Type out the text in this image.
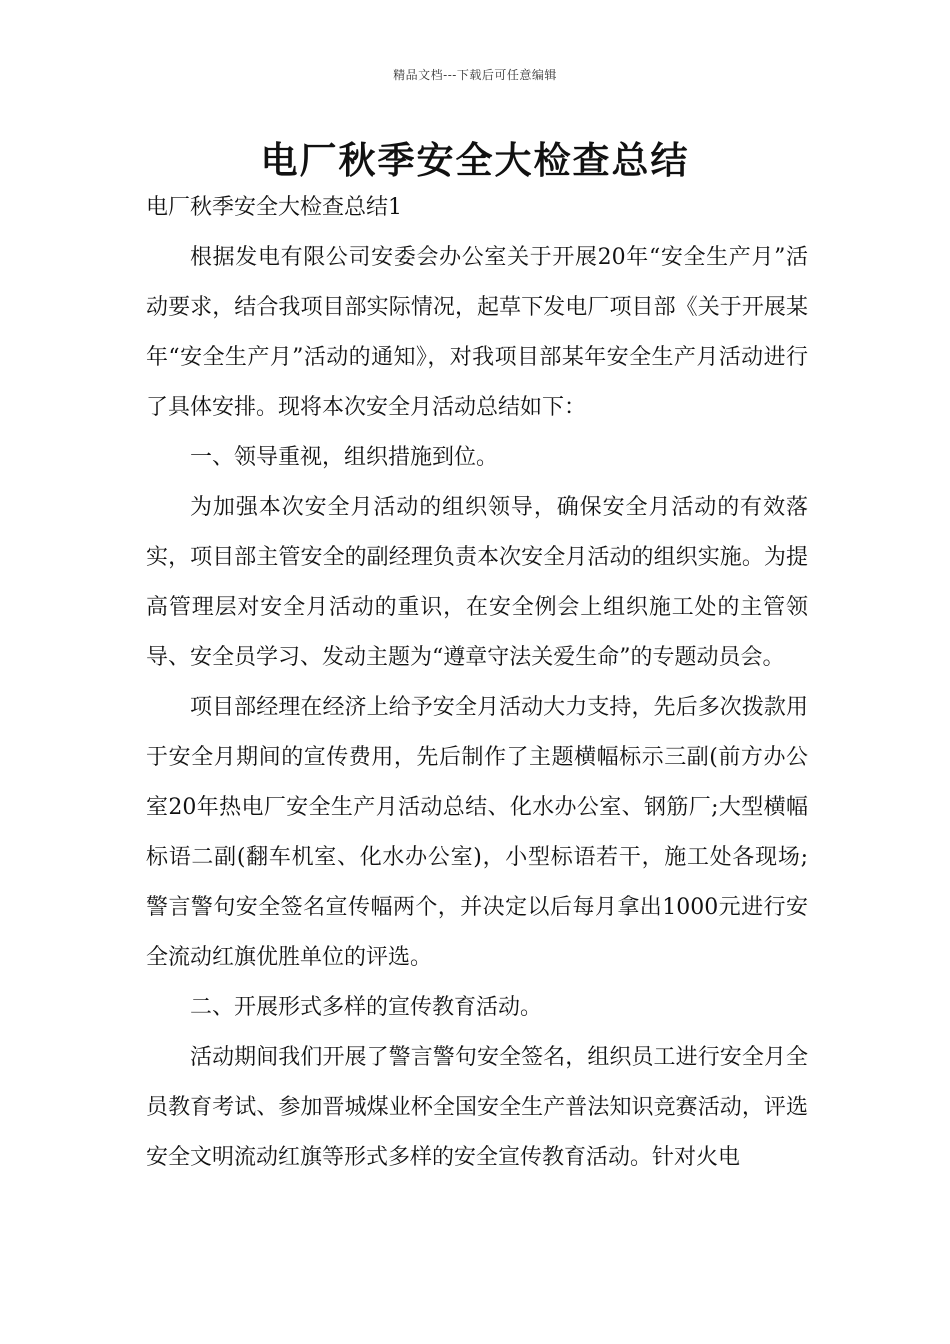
精品文档---下载后可任意编辑
电厂秋季安全大检查总结

电厂秋季安全大检查总结1

根据发电有限公司安委会办公室关于开展20年“安全生产月”活动要求，结合我项目部实际情况，起草下发电厂项目部《关于开展某年“安全生产月”活动的通知》，对我项目部某年安全生产月活动进行了具体安排。现将本次安全月活动总结如下：

一、领导重视，组织措施到位。

为加强本次安全月活动的组织领导，确保安全月活动的有效落实，项目部主管安全的副经理负责本次安全月活动的组织实施。为提高管理层对安全月活动的重识，在安全例会上组织施工处的主管领导、安全员学习、发动主题为“遵章守法关爱生命”的专题动员会。

项目部经理在经济上给予安全月活动大力支持，先后多次拨款用于安全月期间的宣传费用，先后制作了主题横幅标示三副(前方办公室20年热电厂安全生产月活动总结、化水办公室、钢筋厂;大型横幅标语二副(翻车机室、化水办公室)，小型标语若干，施工处各现场;警言警句安全签名宣传幅两个，并决定以后每月拿出1000元进行安全流动红旗优胜单位的评选。

二、开展形式多样的宣传教育活动。

活动期间我们开展了警言警句安全签名，组织员工进行安全月全员教育考试、参加晋城煤业杯全国安全生产普法知识竞赛活动，评选安全文明流动红旗等形式多样的安全宣传教育活动。针对火电
